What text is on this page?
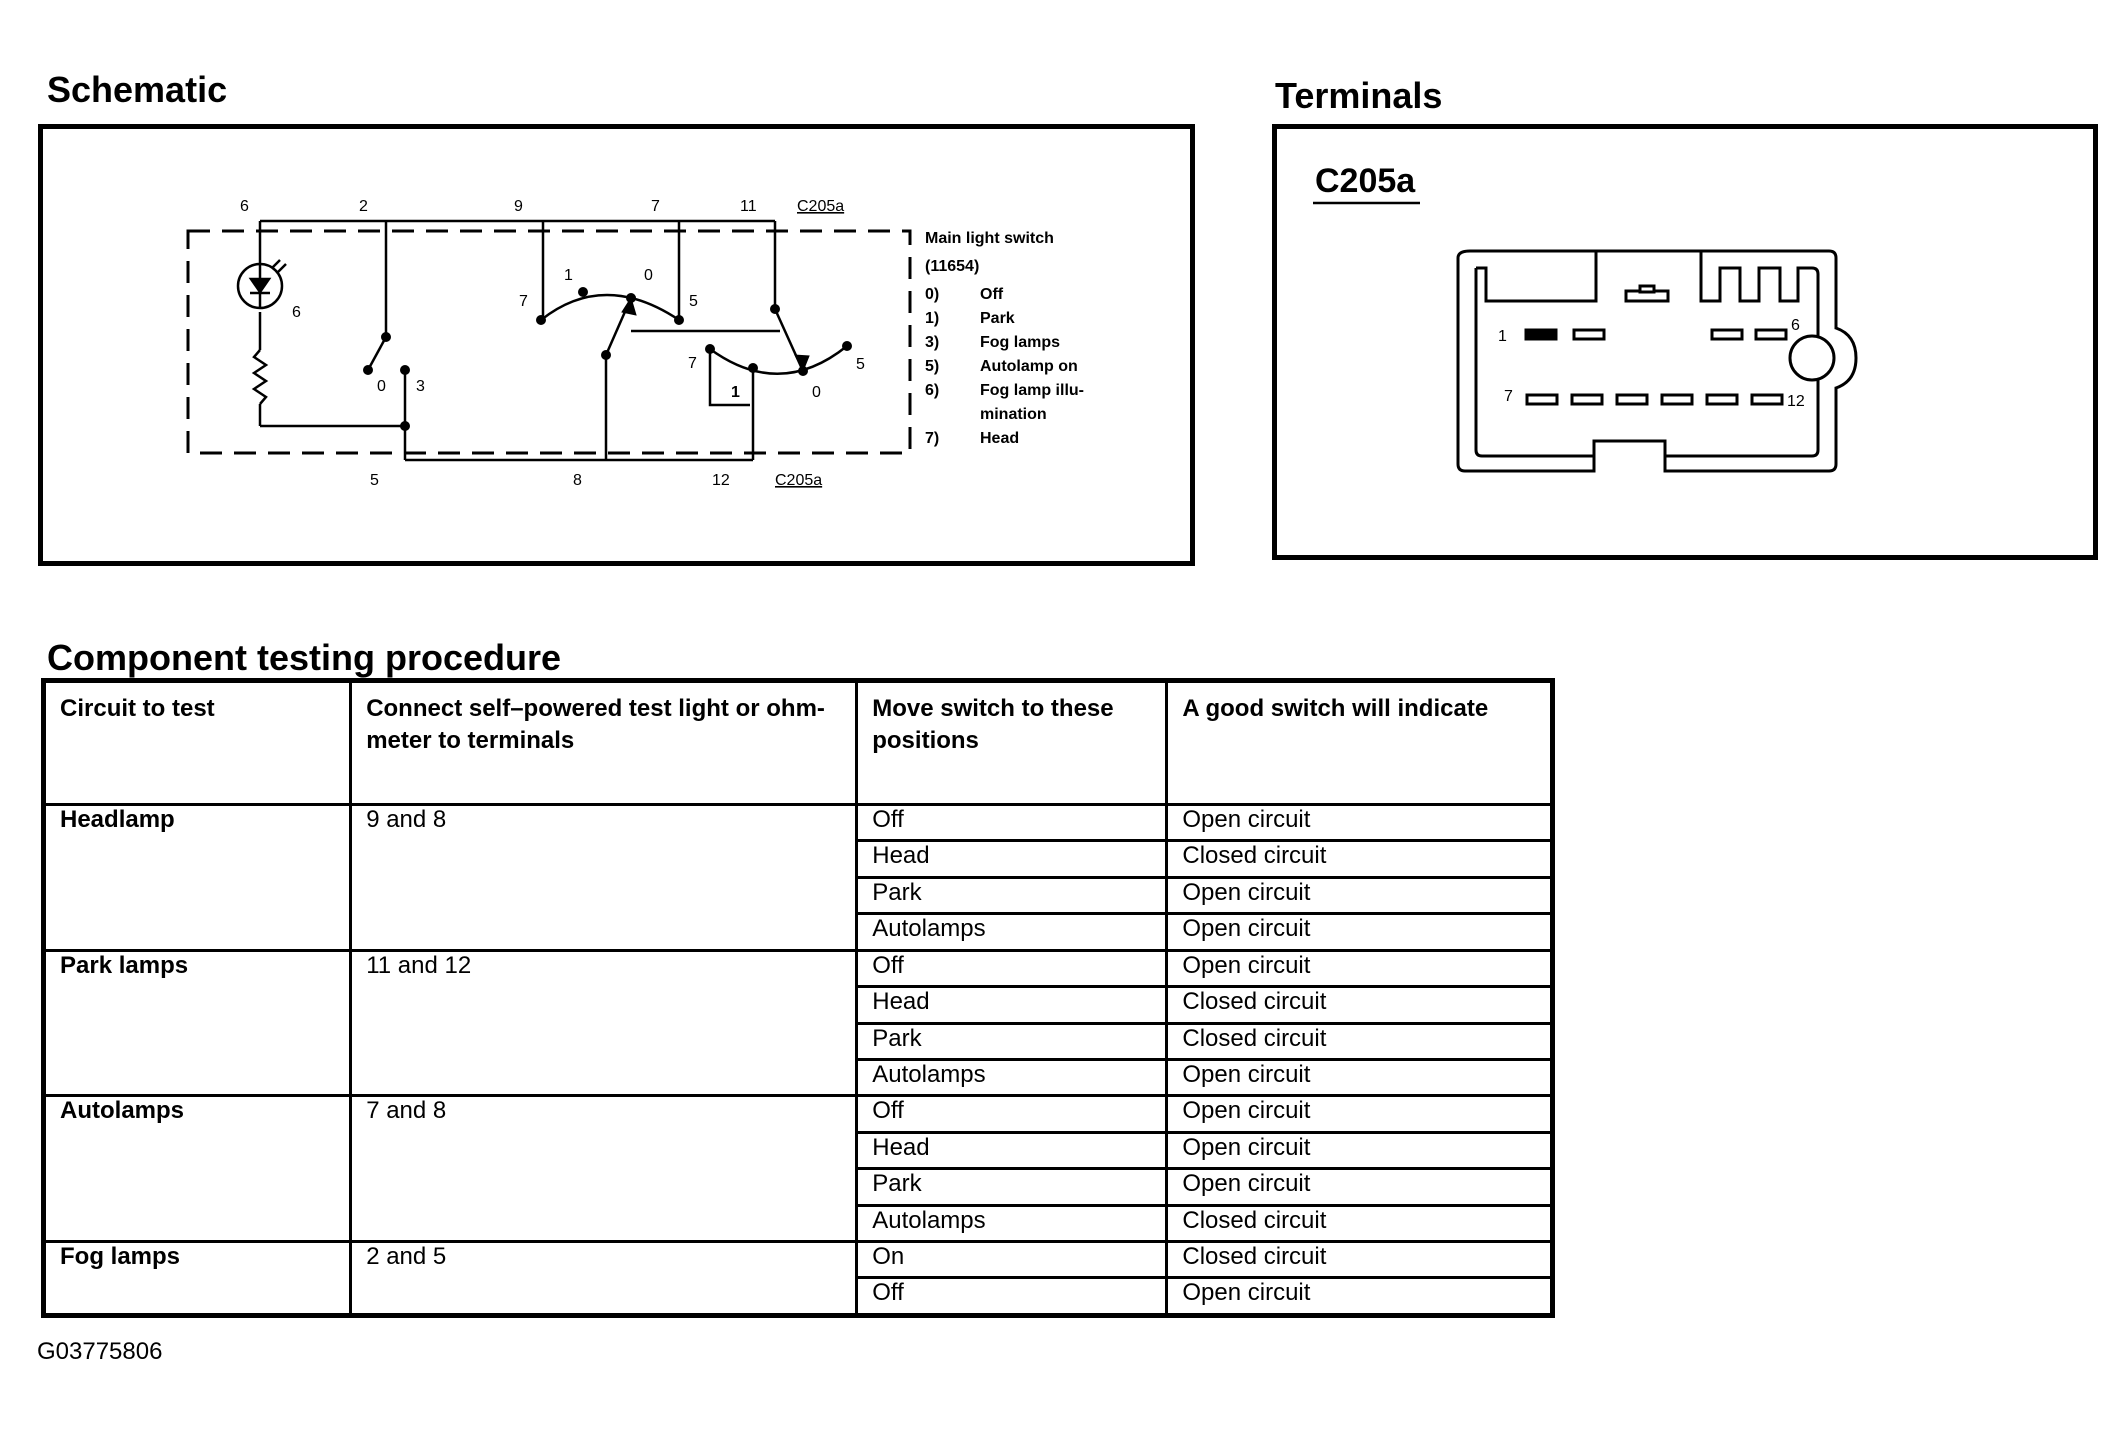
Schematic
6	2	9	7	11	C205a
5	8	12	C205a
6
0 3
7
1	0
5
7
1	0
5
Main light switch
(11654)
0)	Off
1)	Park
3)	Fog lamps
5)	Autolamp on
6)	Fog lamp illu-
mination
7)	Head
Terminals
C205a
1
6
7	12
Component testing procedure
Circuit to test	Connect self–powered test light or ohm-meter to terminals	Move switch to these positions	A good switch will indicate
Headlamp	9 and 8	Off	Open circuit
		Head	Closed circuit
		Park	Open circuit
		Autolamps	Open circuit
Park lamps	11 and 12	Off	Open circuit
		Head	Closed circuit
		Park	Closed circuit
		Autolamps	Open circuit
Autolamps	7 and 8	Off	Open circuit
		Head	Open circuit
		Park	Open circuit
		Autolamps	Closed circuit
Fog lamps	2 and 5	On	Closed circuit
		Off	Open circuit
G03775806
